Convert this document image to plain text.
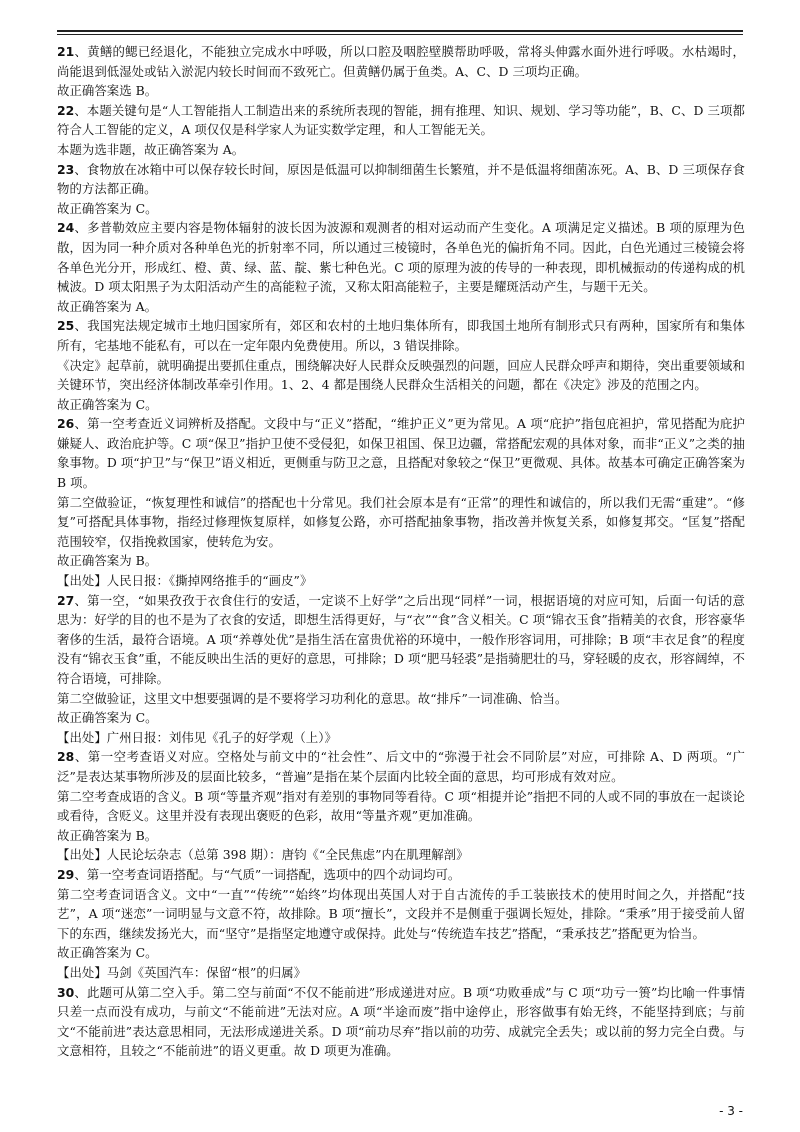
21、黄鳝的鳃已经退化，不能独立完成水中呼吸，所以口腔及咽腔壁膜帮助呼吸，常将头伸露水面外进行呼吸。水枯竭时，尚能退到低湿处或钻入淤泥内较长时间而不致死亡。但黄鳝仍属于鱼类。A、C、D 三项均正确。

故正确答案选 B。

22、本题关键句是“人工智能指人工制造出来的系统所表现的智能，拥有推理、知识、规划、学习等功能”，B、C、D 三项都符合人工智能的定义，A 项仅仅是科学家人为证实数学定理，和人工智能无关。

本题为选非题，故正确答案为 A。

23、食物放在冰箱中可以保存较长时间，原因是低温可以抑制细菌生长繁殖，并不是低温将细菌冻死。A、B、D 三项保存食物的方法都正确。

故正确答案为 C。

24、多普勒效应主要内容是物体辐射的波长因为波源和观测者的相对运动而产生变化。A 项满足定义描述。B 项的原理为色散，因为同一种介质对各种单色光的折射率不同，所以通过三棱镜时，各单色光的偏折角不同。因此，白色光通过三棱镜会将各单色光分开，形成红、橙、黄、绿、蓝、靛、紫七种色光。C 项的原理为波的传导的一种表现，即机械振动的传递构成的机械波。D 项太阳黑子为太阳活动产生的高能粒子流，又称太阳高能粒子，主要是耀斑活动产生，与题干无关。

故正确答案为 A。

25、我国宪法规定城市土地归国家所有，郊区和农村的土地归集体所有，即我国土地所有制形式只有两种，国家所有和集体所有，宅基地不能私有，可以在一定年限内免费使用。所以，3 错误排除。

《决定》起草前，就明确提出要抓住重点，围绕解决好人民群众反映强烈的问题，回应人民群众呼声和期待，突出重要领域和关键环节，突出经济体制改革牵引作用。1、2、4 都是围绕人民群众生活相关的问题，都在《决定》涉及的范围之内。

故正确答案为 C。

26、第一空考查近义词辨析及搭配。文段中与“正义”搭配，“维护正义”更为常见。A 项“庇护”指包庇袒护，常见搭配为庇护嫌疑人、政治庇护等。C 项“保卫”指护卫使不受侵犯，如保卫祖国、保卫边疆，常搭配宏观的具体对象，而非“正义”之类的抽象事物。D 项“护卫”与“保卫”语义相近，更侧重与防卫之意，且搭配对象较之“保卫”更微观、具体。故基本可确定正确答案为 B 项。

第二空做验证，“恢复理性和诚信”的搭配也十分常见。我们社会原本是有“正常”的理性和诚信的，所以我们无需“重建”。“修复”可搭配具体事物，指经过修理恢复原样，如修复公路，亦可搭配抽象事物，指改善并恢复关系，如修复邦交。“匡复”搭配范围较窄，仅指挽救国家，使转危为安。

故正确答案为 B。

【出处】人民日报：《撕掉网络推手的“画皮”》

27、第一空，“如果孜孜于衣食住行的安适，一定谈不上好学”之后出现“同样”一词，根据语境的对应可知，后面一句话的意思为：好学的目的也不是为了衣食的安适，即想生活得更好，与“衣”“食”含义相关。C 项“锦衣玉食”指精美的衣食，形容豪华奢侈的生活，最符合语境。A 项“养尊处优”是指生活在富贵优裕的环境中，一般作形容词用，可排除；B 项“丰衣足食”的程度没有“锦衣玉食”重，不能反映出生活的更好的意思，可排除；D 项“肥马轻裘”是指骑肥壮的马，穿轻暖的皮衣，形容阔绰，不符合语境，可排除。

第二空做验证，这里文中想要强调的是不要将学习功利化的意思。故“排斥”一词准确、恰当。

故正确答案为 C。

【出处】广州日报：刘伟见《孔子的好学观（上）》

28、第一空考查语义对应。空格处与前文中的“社会性”、后文中的“弥漫于社会不同阶层”对应，可排除 A、D 两项。“广泛”是表达某事物所涉及的层面比较多，“普遍”是指在某个层面内比较全面的意思，均可形成有效对应。

第二空考查成语的含义。B 项“等量齐观”指对有差别的事物同等看待。C 项“相提并论”指把不同的人或不同的事放在一起谈论或看待，含贬义。这里并没有表现出褒贬的色彩，故用“等量齐观”更加准确。

故正确答案为 B。

【出处】人民论坛杂志（总第 398 期）：唐钧《“全民焦虑”内在肌理解剖》

29、第一空考查词语搭配。与“气质”一词搭配，选项中的四个动词均可。

第二空考查词语含义。文中“一直”“传统”“始终”均体现出英国人对于自古流传的手工装嵌技术的使用时间之久，并搭配“技艺”，A 项“迷恋”一词明显与文意不符，故排除。B 项“擅长”，文段并不是侧重于强调长短处，排除。“秉承”用于接受前人留下的东西，继续发扬光大，而“坚守”是指坚定地遵守或保持。此处与“传统造车技艺”搭配，“秉承技艺”搭配更为恰当。

故正确答案为 C。

【出处】马剑《英国汽车：保留“根”的归属》

30、此题可从第二空入手。第二空与前面“不仅不能前进”形成递进对应。B 项“功败垂成”与 C 项“功亏一篑”均比喻一件事情只差一点而没有成功，与前文“不能前进”无法对应。A 项“半途而废”指中途停止，形容做事有始无终，不能坚持到底；与前文“不能前进”表达意思相同，无法形成递进关系。D 项“前功尽弃”指以前的功劳、成就完全丢失；或以前的努力完全白费。与文意相符，且较之“不能前进”的语义更重。故 D 项更为准确。

- 3 -
